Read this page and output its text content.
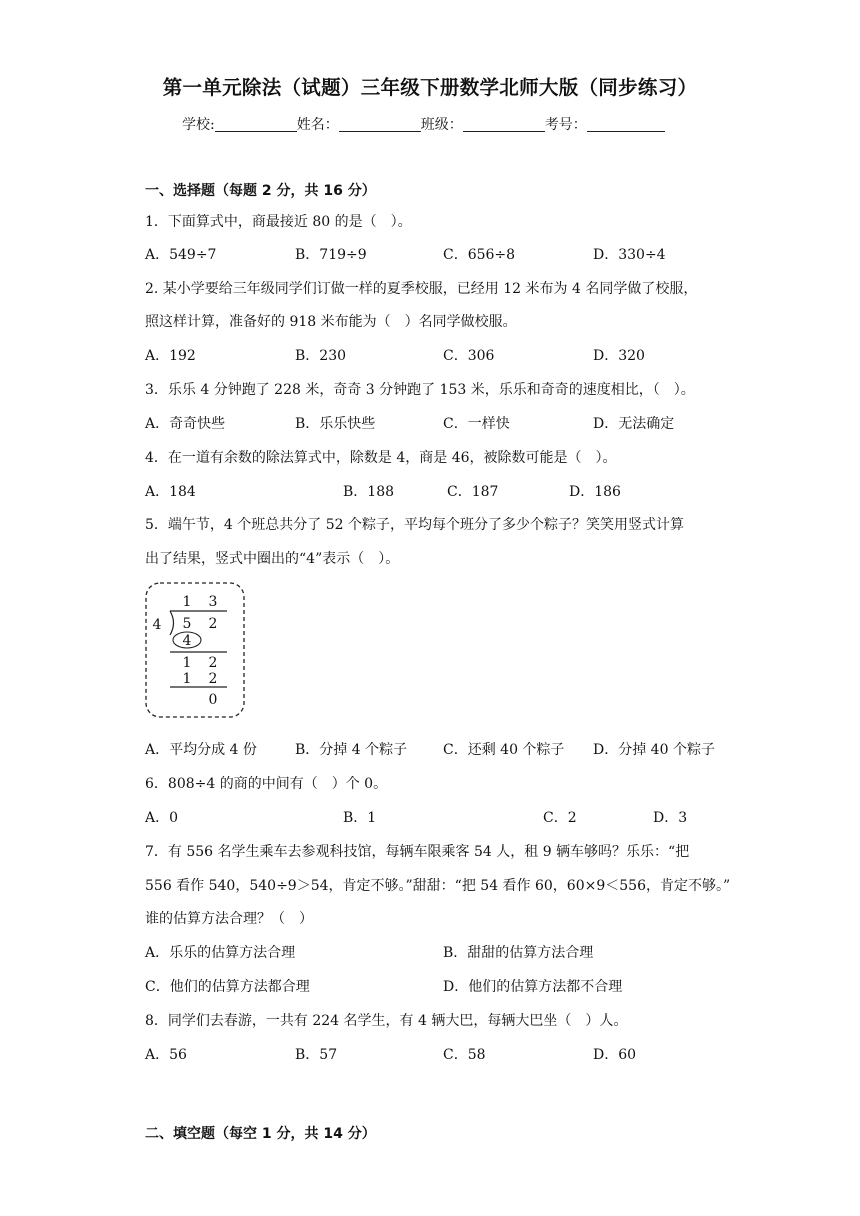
第一单元除法（试题）三年级下册数学北师大版（同步练习）
学校:	姓名：	班级：	考号：
一、选择题（每题 2 分，共 16 分）
1．下面算式中，商最接近 80 的是（　）。
A．549÷7	B．719÷9	C．656÷8	D．330÷4
2. 某小学要给三年级同学们订做一样的夏季校服，已经用 12 米布为 4 名同学做了校服，
照这样计算，准备好的 918 米布能为（　）名同学做校服。
A．192	B．230	C．306	D．320
3．乐乐 4 分钟跑了 228 米，奇奇 3 分钟跑了 153 米，乐乐和奇奇的速度相比，（　）。
A．奇奇快些	B．乐乐快些	C．一样快	D．无法确定
4．在一道有余数的除法算式中，除数是 4，商是 46，被除数可能是（　）。
A．184	B．188	C．187	D．186
5．端午节，4 个班总共分了 52 个粽子，平均每个班分了多少个粽子？笑笑用竖式计算
出了结果，竖式中圈出的“4”表示（　）。
1 3
4 5 2
4
1 2
1 2
0
A．平均分成 4 份	B．分掉 4 个粽子	C．还剩 40 个粽子 D．分掉 40 个粽子
6．808÷4 的商的中间有（　）个 0。
A．0	B．1	C．2	D．3
7．有 556 名学生乘车去参观科技馆，每辆车限乘客 54 人，租 9 辆车够吗？乐乐：“把
556 看作 540，540÷9＞54，肯定不够。”甜甜：“把 54 看作 60，60×9＜556，肯定不够。”
谁的估算方法合理？（　）
A．乐乐的估算方法合理	B．甜甜的估算方法合理
C．他们的估算方法都合理	D．他们的估算方法都不合理
8．同学们去春游，一共有 224 名学生，有 4 辆大巴，每辆大巴坐（　）人。
A．56	B．57	C．58	D．60
二、填空题（每空 1 分，共 14 分）
